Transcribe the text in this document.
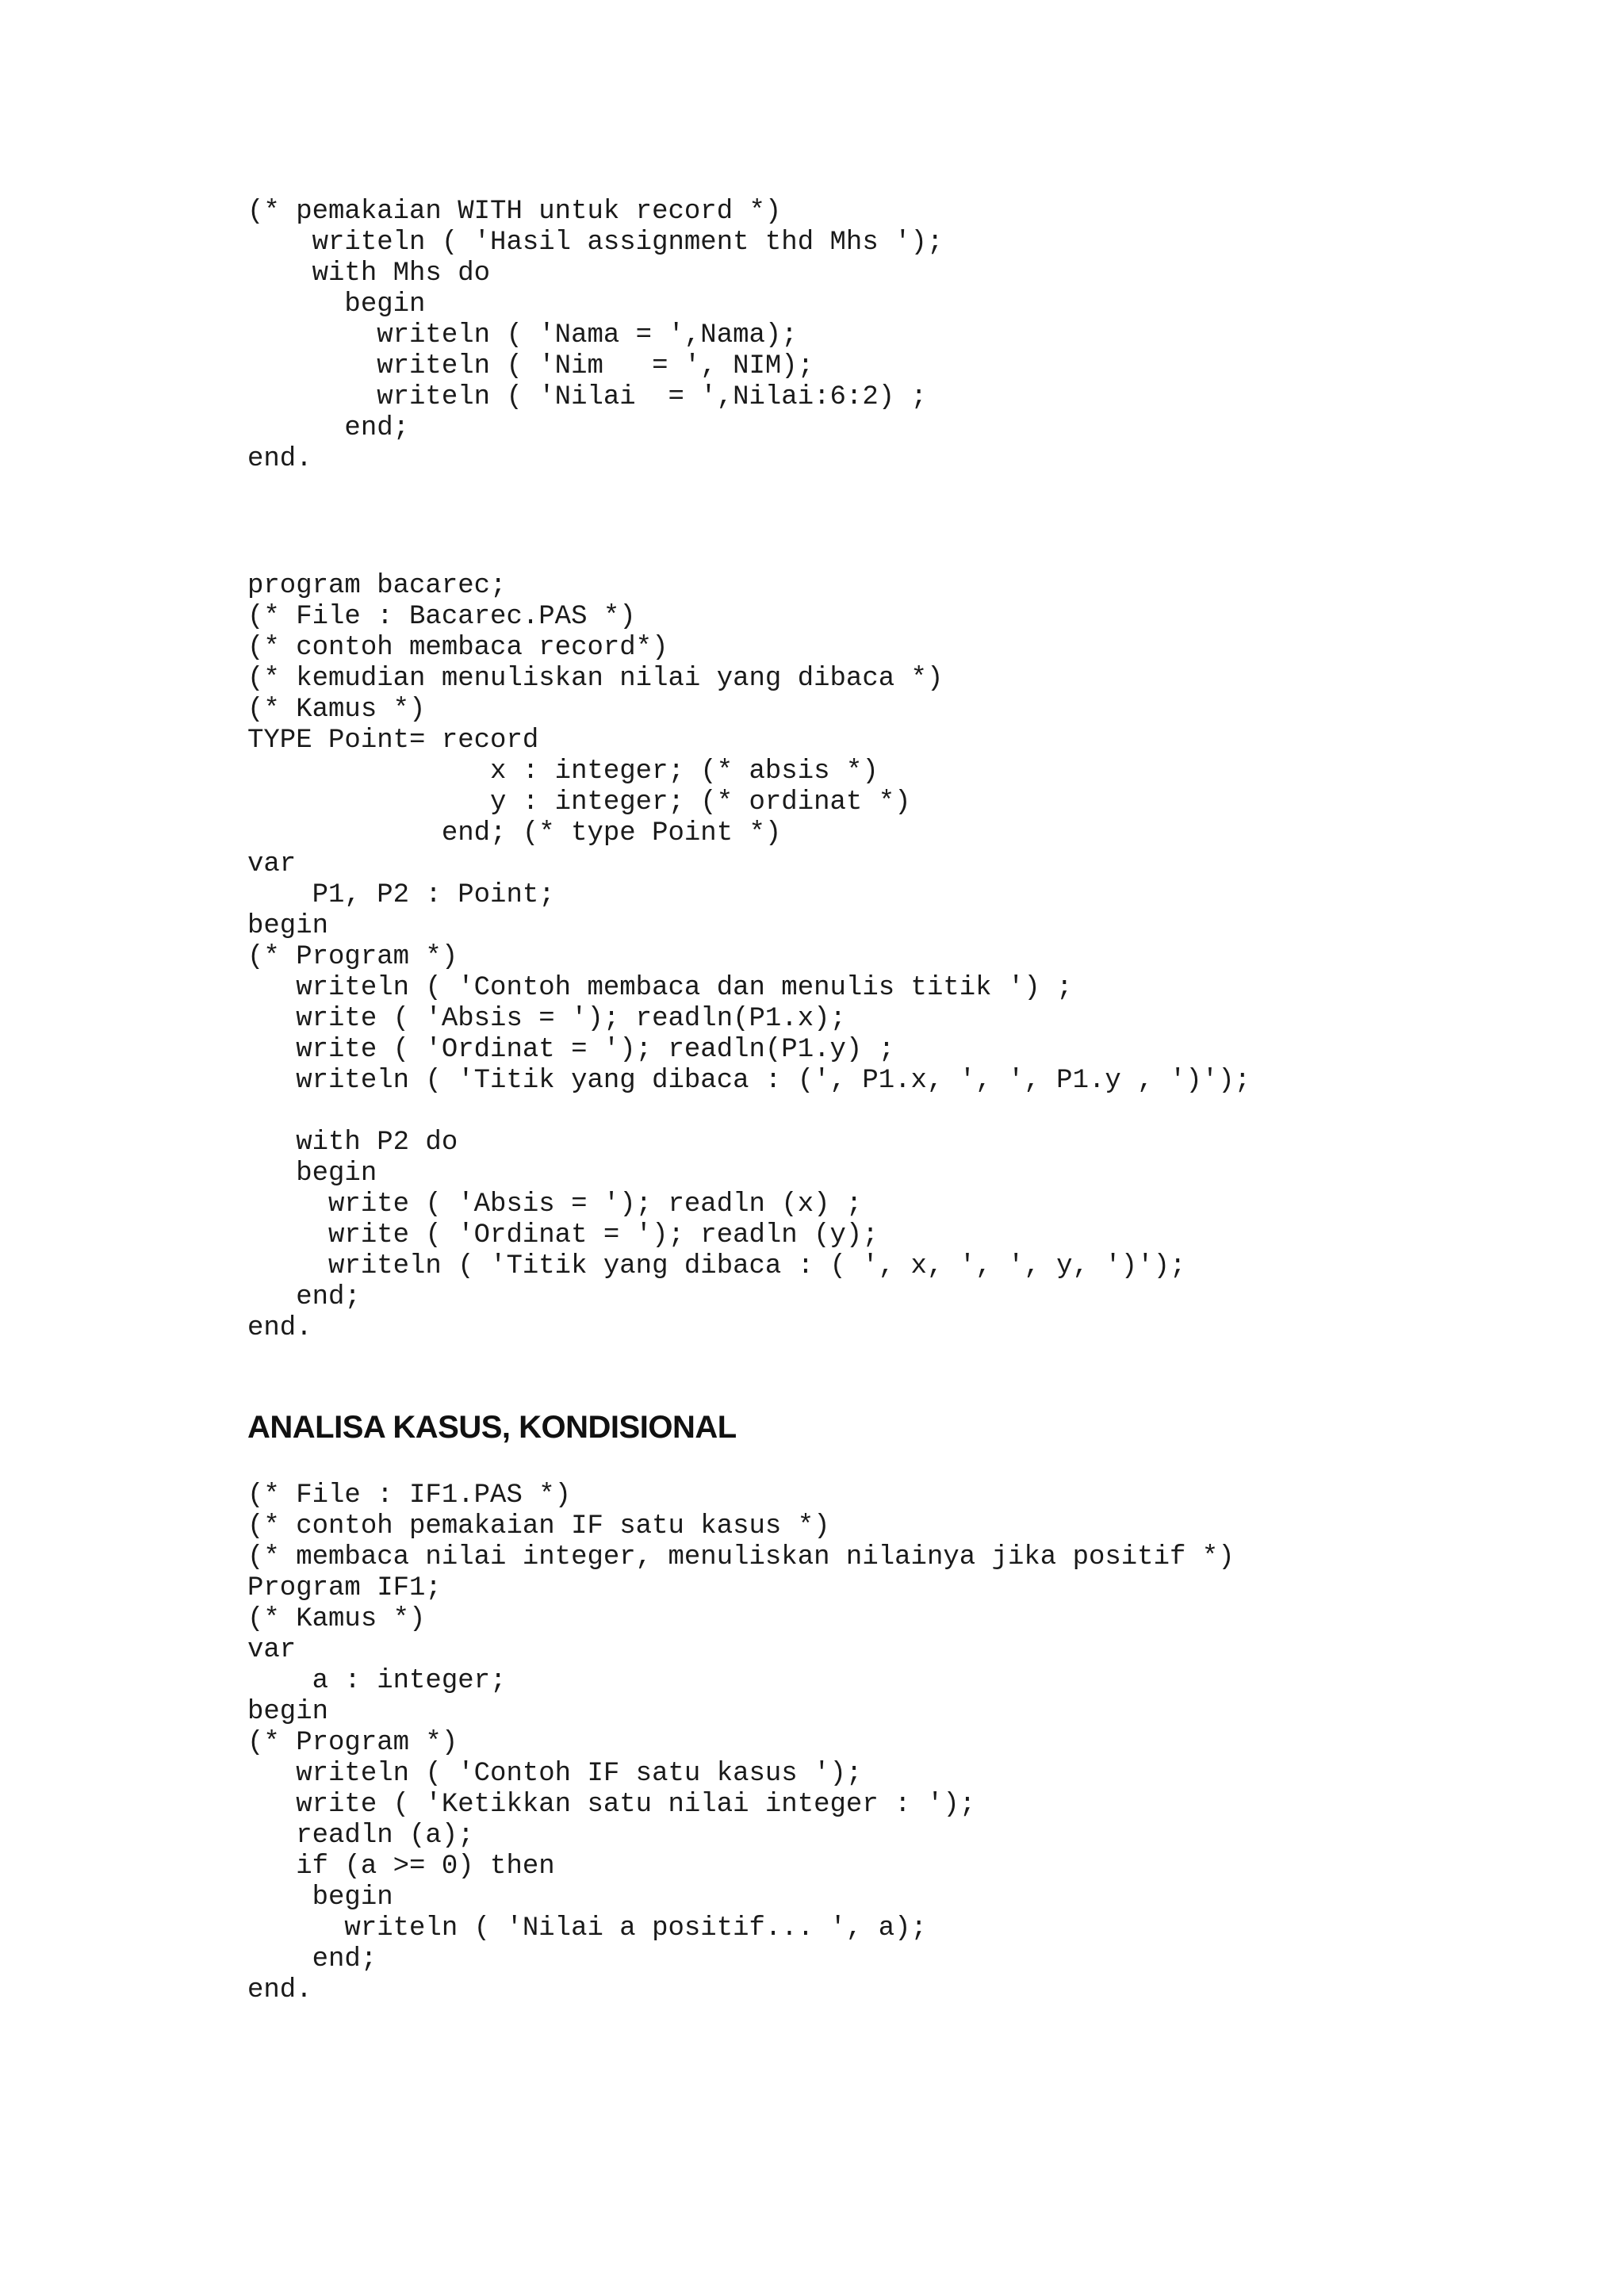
(* pemakaian WITH untuk record *)
writeln ( 'Hasil assignment thd Mhs ');
with Mhs do
begin
writeln ( 'Nama = ',Nama);
writeln ( 'Nim   = ', NIM);
writeln ( 'Nilai  = ',Nilai:6:2) ;
end;
end.
program bacarec;
(* File : Bacarec.PAS *)
(* contoh membaca record*)
(* kemudian menuliskan nilai yang dibaca *)
(* Kamus *)
TYPE Point= record
x : integer; (* absis *)
y : integer; (* ordinat *)
end; (* type Point *)
var
P1, P2 : Point;
begin
(* Program *)
writeln ( 'Contoh membaca dan menulis titik ') ;
write ( 'Absis = '); readln(P1.x);
write ( 'Ordinat = '); readln(P1.y) ;
writeln ( 'Titik yang dibaca : (', P1.x, ', ', P1.y , ')');
with P2 do
begin
write ( 'Absis = '); readln (x) ;
write ( 'Ordinat = '); readln (y);
writeln ( 'Titik yang dibaca : ( ', x, ', ', y, ')');
end;
end.
ANALISA KASUS, KONDISIONAL
(* File : IF1.PAS *)
(* contoh pemakaian IF satu kasus *)
(* membaca nilai integer, menuliskan nilainya jika positif *)
Program IF1;
(* Kamus *)
var
a : integer;
begin
(* Program *)
writeln ( 'Contoh IF satu kasus ');
write ( 'Ketikkan satu nilai integer : ');
readln (a);
if (a >= 0) then
begin
writeln ( 'Nilai a positif... ', a);
end;
end.
